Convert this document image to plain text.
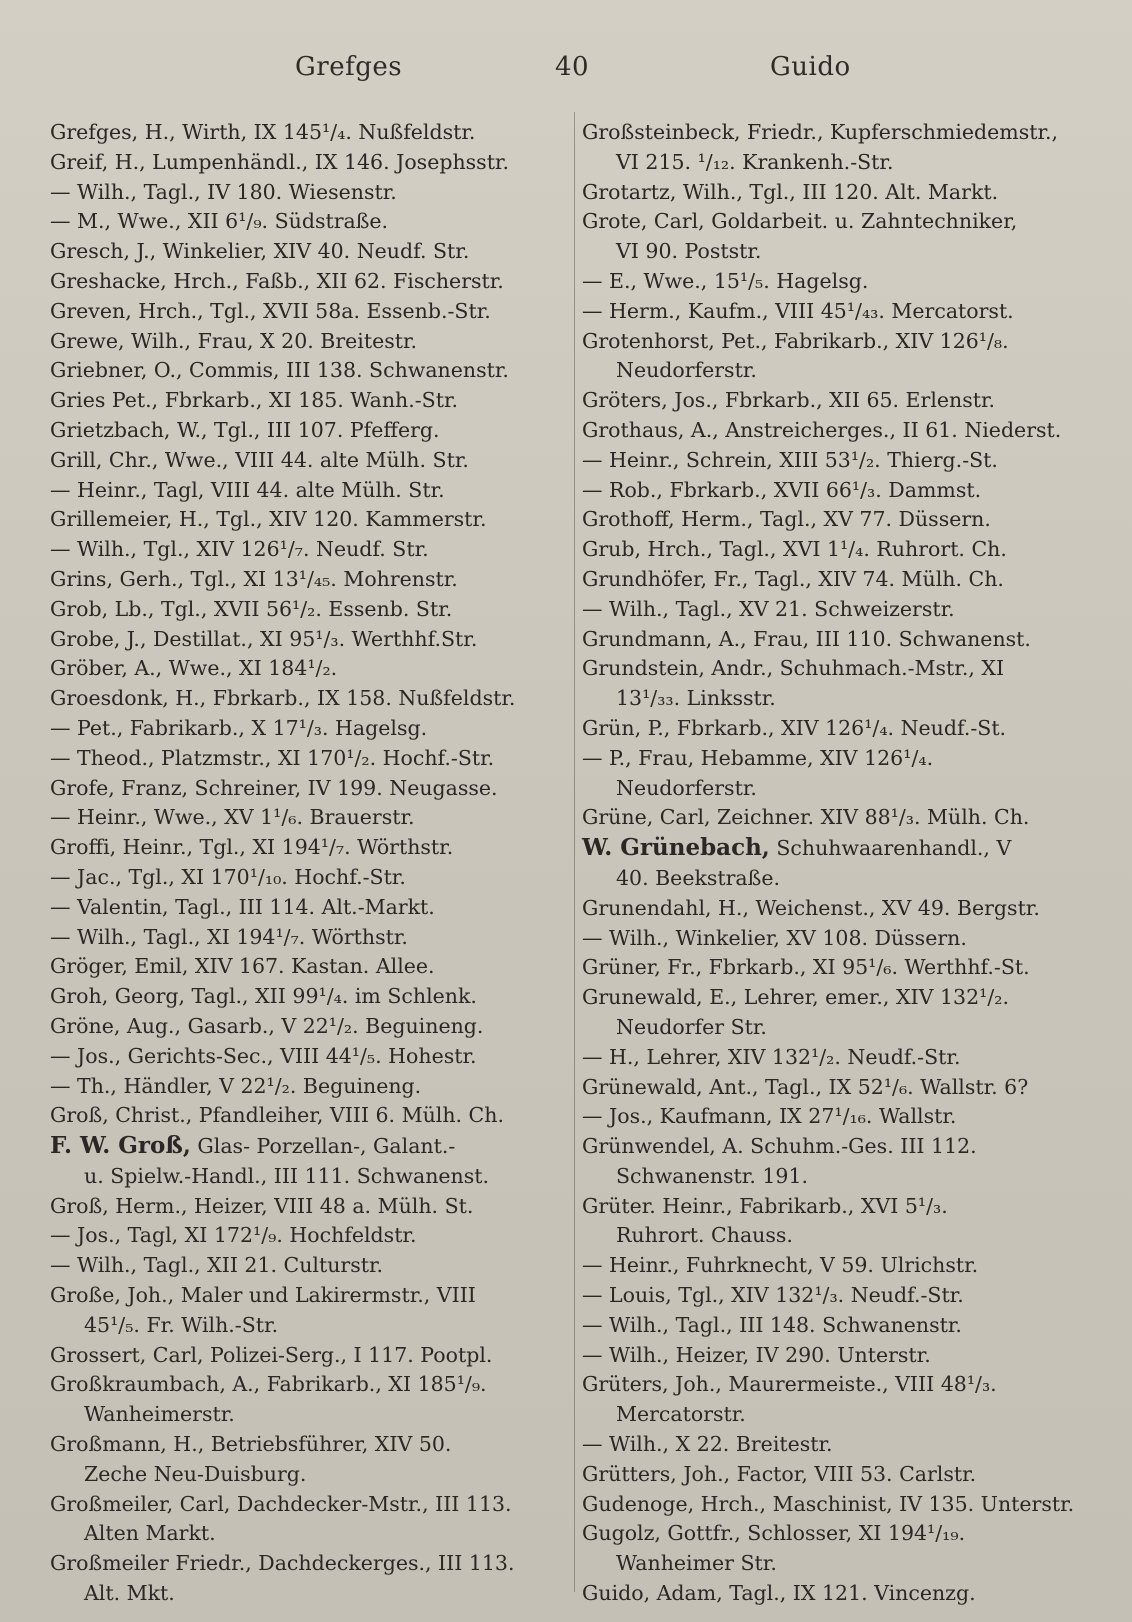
Grefges	40	Guido
Grefges, H., Wirth, IX 145¹/₄. Nußfeldstr.
Greif, H., Lumpenhändl., IX 146. Josephsstr.
— Wilh., Tagl., IV 180. Wiesenstr.
— M., Wwe., XII 6¹/₉. Südstraße.
Gresch, J., Winkelier, XIV 40. Neudf. Str.
Greshacke, Hrch., Faßb., XII 62. Fischerstr.
Greven, Hrch., Tgl., XVII 58a. Essenb.-Str.
Grewe, Wilh., Frau, X 20. Breitestr.
Griebner, O., Commis, III 138. Schwanenstr.
Gries Pet., Fbrkarb., XI 185. Wanh.-Str.
Grietzbach, W., Tgl., III 107. Pfefferg.
Grill, Chr., Wwe., VIII 44. alte Mülh. Str.
— Heinr., Tagl, VIII 44. alte Mülh. Str.
Grillemeier, H., Tgl., XIV 120. Kammerstr.
— Wilh., Tgl., XIV 126¹/₇. Neudf. Str.
Grins, Gerh., Tgl., XI 13¹/₄₅. Mohrenstr.
Grob, Lb., Tgl., XVII 56¹/₂. Essenb. Str.
Grobe, J., Destillat., XI 95¹/₃. Werthhf.Str.
Gröber, A., Wwe., XI 184¹/₂.
Groesdonk, H., Fbrkarb., IX 158. Nußfeldstr.
— Pet., Fabrikarb., X 17¹/₃. Hagelsg.
— Theod., Platzmstr., XI 170¹/₂. Hochf.-Str.
Grofe, Franz, Schreiner, IV 199. Neugasse.
— Heinr., Wwe., XV 1¹/₆. Brauerstr.
Groffi, Heinr., Tgl., XI 194¹/₇. Wörthstr.
— Jac., Tgl., XI 170¹/₁₀. Hochf.-Str.
— Valentin, Tagl., III 114. Alt.-Markt.
— Wilh., Tagl., XI 194¹/₇. Wörthstr.
Gröger, Emil, XIV 167. Kastan. Allee.
Groh, Georg, Tagl., XII 99¹/₄. im Schlenk.
Gröne, Aug., Gasarb., V 22¹/₂. Beguineng.
— Jos., Gerichts-Sec., VIII 44¹/₅. Hohestr.
— Th., Händler, V 22¹/₂. Beguineng.
Groß, Christ., Pfandleiher, VIII 6. Mülh. Ch.
F. W. Groß, Glas- Porzellan-, Galant.-
u. Spielw.-Handl., III 111. Schwanenst.
Groß, Herm., Heizer, VIII 48 a. Mülh. St.
— Jos., Tagl, XI 172¹/₉. Hochfeldstr.
— Wilh., Tagl., XII 21. Culturstr.
Große, Joh., Maler und Lakirermstr., VIII
45¹/₅. Fr. Wilh.-Str.
Grossert, Carl, Polizei-Serg., I 117. Pootpl.
Großkraumbach, A., Fabrikarb., XI 185¹/₉.
Wanheimerstr.
Großmann, H., Betriebsführer, XIV 50.
Zeche Neu-Duisburg.
Großmeiler, Carl, Dachdecker-Mstr., III 113.
Alten Markt.
Großmeiler Friedr., Dachdeckerges., III 113.
Alt. Mkt.
Großsteinbeck, Friedr., Kupferschmiedemstr.,
VI 215. ¹/₁₂. Krankenh.-Str.
Grotartz, Wilh., Tgl., III 120. Alt. Markt.
Grote, Carl, Goldarbeit. u. Zahntechniker,
VI 90. Poststr.
— E., Wwe., 15¹/₅. Hagelsg.
— Herm., Kaufm., VIII 45¹/₄₃. Mercatorst.
Grotenhorst, Pet., Fabrikarb., XIV 126¹/₈.
Neudorferstr.
Gröters, Jos., Fbrkarb., XII 65. Erlenstr.
Grothaus, A., Anstreicherges., II 61. Niederst.
— Heinr., Schrein, XIII 53¹/₂. Thierg.-St.
— Rob., Fbrkarb., XVII 66¹/₃. Dammst.
Grothoff, Herm., Tagl., XV 77. Düssern.
Grub, Hrch., Tagl., XVI 1¹/₄. Ruhrort. Ch.
Grundhöfer, Fr., Tagl., XIV 74. Mülh. Ch.
— Wilh., Tagl., XV 21. Schweizerstr.
Grundmann, A., Frau, III 110. Schwanenst.
Grundstein, Andr., Schuhmach.-Mstr., XI
13¹/₃₃. Linksstr.
Grün, P., Fbrkarb., XIV 126¹/₄. Neudf.-St.
— P., Frau, Hebamme, XIV 126¹/₄.
Neudorferstr.
Grüne, Carl, Zeichner. XIV 88¹/₃. Mülh. Ch.
W. Grünebach, Schuhwaarenhandl., V
40. Beekstraße.
Grunendahl, H., Weichenst., XV 49. Bergstr.
— Wilh., Winkelier, XV 108. Düssern.
Grüner, Fr., Fbrkarb., XI 95¹/₆. Werthhf.-St.
Grunewald, E., Lehrer, emer., XIV 132¹/₂.
Neudorfer Str.
— H., Lehrer, XIV 132¹/₂. Neudf.-Str.
Grünewald, Ant., Tagl., IX 52¹/₆. Wallstr. 6?
— Jos., Kaufmann, IX 27¹/₁₆. Wallstr.
Grünwendel, A. Schuhm.-Ges. III 112.
Schwanenstr. 191.
Grüter. Heinr., Fabrikarb., XVI 5¹/₃.
Ruhrort. Chauss.
— Heinr., Fuhrknecht, V 59. Ulrichstr.
— Louis, Tgl., XIV 132¹/₃. Neudf.-Str.
— Wilh., Tagl., III 148. Schwanenstr.
— Wilh., Heizer, IV 290. Unterstr.
Grüters, Joh., Maurermeiste., VIII 48¹/₃.
Mercatorstr.
— Wilh., X 22. Breitestr.
Grütters, Joh., Factor, VIII 53. Carlstr.
Gudenoge, Hrch., Maschinist, IV 135. Unterstr.
Gugolz, Gottfr., Schlosser, XI 194¹/₁₉.
Wanheimer Str.
Guido, Adam, Tagl., IX 121. Vincenzg.
